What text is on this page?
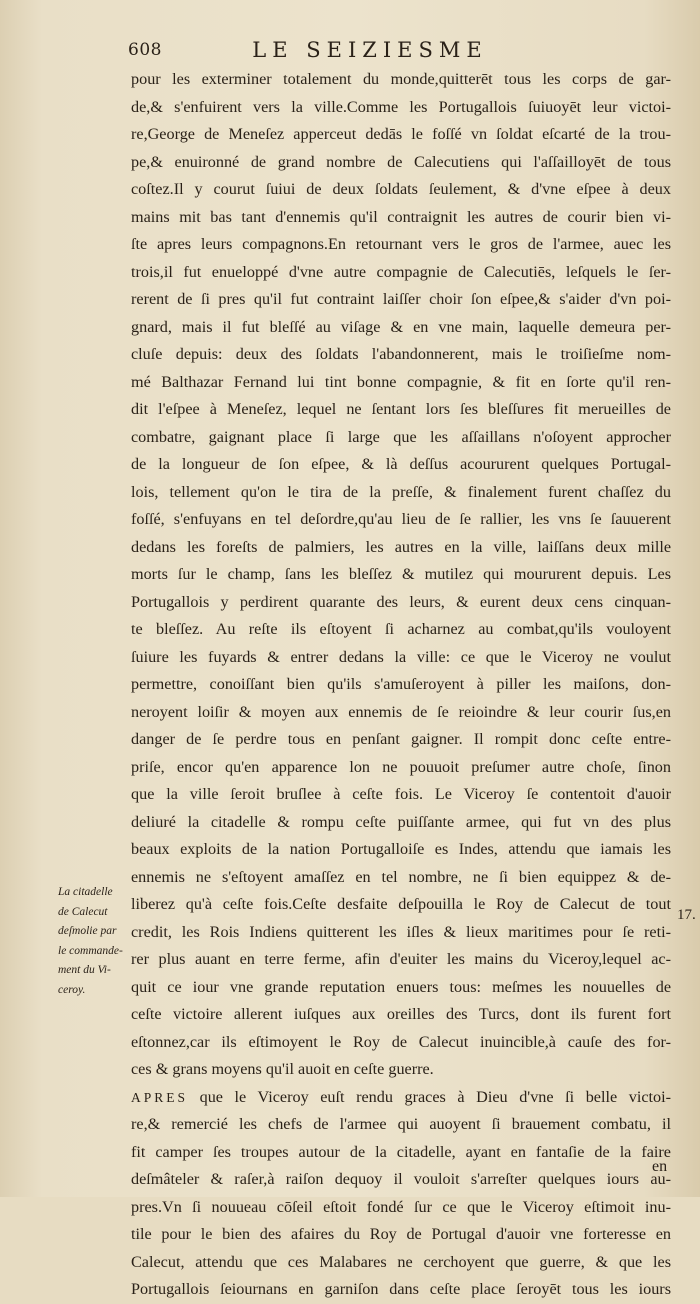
608	LE SEIZIESME
pour les exterminer totalement du monde,quitterēt tous les corps de gar-
de,& s'enfuirent vers la ville.Comme les Portugallois ſuiuoyēt leur victoi-
re,George de Meneſez apperceut dedās le foſſé vn ſoldat eſcarté de la trou-
pe,& enuironné de grand nombre de Calecutiens qui l'aſſailloyēt de tous
coſtez.Il y courut ſuiui de deux ſoldats ſeulement, & d'vne eſpee à deux
mains mit bas tant d'ennemis qu'il contraignit les autres de courir bien vi-
ſte apres leurs compagnons.En retournant vers le gros de l'armee, auec les
trois,il fut enueloppé d'vne autre compagnie de Calecutiēs, leſquels le ſer-
rerent de ſi pres qu'il fut contraint laiſſer choir ſon eſpee,& s'aider d'vn poi-
gnard, mais il fut bleſſé au viſage & en vne main, laquelle demeura per-
cluſe depuis: deux des ſoldats l'abandonnerent, mais le troiſieſme nom-
mé Balthazar Fernand lui tint bonne compagnie, & fit en ſorte qu'il ren-
dit l'eſpee à Meneſez, lequel ne ſentant lors ſes bleſſures fit merueilles de
combatre, gaignant place ſi large que les aſſaillans n'oſoyent approcher
de la longueur de ſon eſpee, & là deſſus acoururent quelques Portugal-
lois, tellement qu'on le tira de la preſſe, & finalement furent chaſſez du
foſſé, s'enfuyans en tel deſordre,qu'au lieu de ſe rallier, les vns ſe ſauuerent
dedans les foreſts de palmiers, les autres en la ville, laiſſans deux mille
morts ſur le champ, ſans les bleſſez & mutilez qui moururent depuis. Les
Portugallois y perdirent quarante des leurs, & eurent deux cens cinquan-
te bleſſez. Au reſte ils eſtoyent ſi acharnez au combat,qu'ils vouloyent
ſuiure les fuyards & entrer dedans la ville: ce que le Viceroy ne voulut
permettre, conoiſſant bien qu'ils s'amuſeroyent à piller les maiſons, don-
neroyent loiſir & moyen aux ennemis de ſe reioindre & leur courir ſus,en
danger de ſe perdre tous en penſant gaigner. Il rompit donc ceſte entre-
priſe, encor qu'en apparence lon ne pouuoit preſumer autre choſe, ſinon
que la ville ſeroit bruſlee à ceſte fois. Le Viceroy ſe contentoit d'auoir
deliuré la citadelle & rompu ceſte puiſſante armee, qui fut vn des plus
beaux exploits de la nation Portugalloiſe es Indes, attendu que iamais les
ennemis ne s'eſtoyent amaſſez en tel nombre, ne ſi bien equippez & de-
liberez qu'à ceſte fois.Ceſte desfaite deſpouilla le Roy de Calecut de tout
credit, les Rois Indiens quitterent les iſles & lieux maritimes pour ſe reti-
rer plus auant en terre ferme, afin d'euiter les mains du Viceroy,lequel ac-
quit ce iour vne grande reputation enuers tous: meſmes les nouuelles de
ceſte victoire allerent iuſques aux oreilles des Turcs, dont ils furent fort
eſtonnez,car ils eſtimoyent le Roy de Calecut inuincible,à cauſe des for-
ces & grans moyens qu'il auoit en ceſte guerre.
APRES que le Viceroy euſt rendu graces à Dieu d'vne ſi belle victoi-
re,& remercié les chefs de l'armee qui auoyent ſi brauement combatu, il
fit camper ſes troupes autour de la citadelle, ayant en fantaſie de la faire
deſmâteler & raſer,à raiſon dequoy il vouloit s'arreſter quelques iours au-
pres.Vn ſi nouueau cōſeil eſtoit fondé ſur ce que le Viceroy eſtimoit inu-
tile pour le bien des afaires du Roy de Portugal d'auoir vne forteresse en
Calecut, attendu que ces Malabares ne cerchoyent que guerre, & que les
Portugallois ſeiournans en garniſon dans ceſte place ſeroyēt tous les iours
La citadelle
de Calecut
deſmolie par
le commande-
ment du Vi-
ceroy.
17.
en
